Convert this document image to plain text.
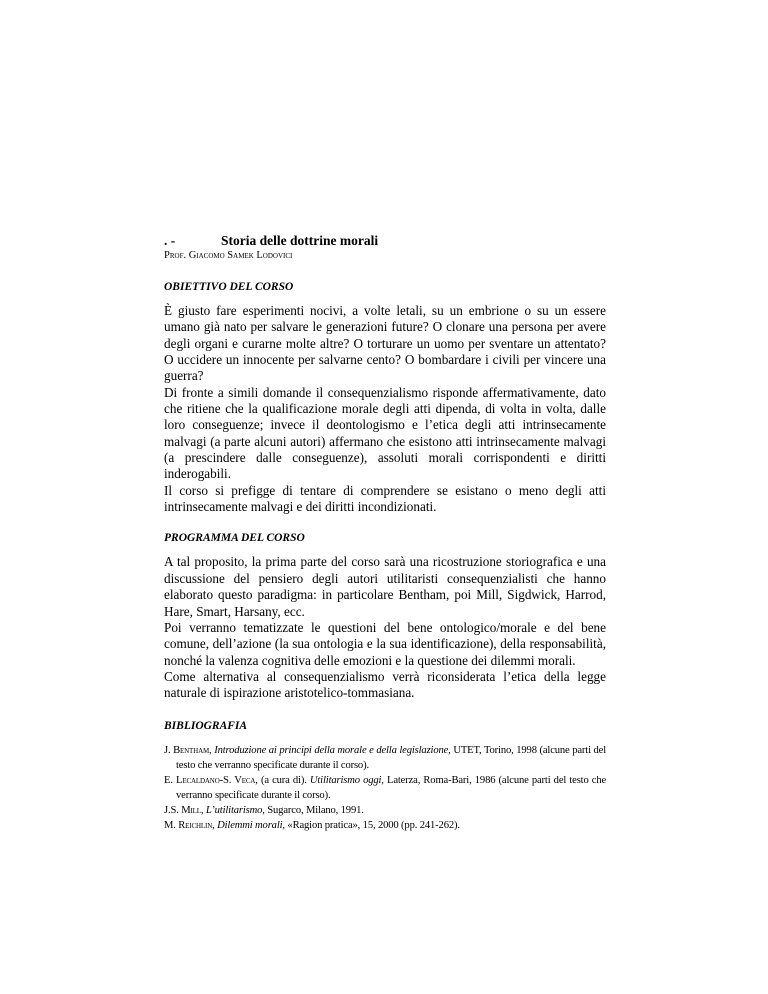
. -	Storia delle dottrine morali
Prof. Giacomo Samek Lodovici
OBIETTIVO DEL CORSO

È giusto fare esperimenti nocivi, a volte letali, su un embrione o su un essere umano già nato per salvare le generazioni future? O clonare una persona per avere degli organi e curarne molte altre? O torturare un uomo per sventare un attentato? O uccidere un innocente per salvarne cento? O bombardare i civili per vincere una guerra?

Di fronte a simili domande il consequenzialismo risponde affermativamente, dato che ritiene che la qualificazione morale degli atti dipenda, di volta in volta, dalle loro conseguenze; invece il deontologismo e l’etica degli atti intrinsecamente malvagi (a parte alcuni autori) affermano che esistono atti intrinsecamente malvagi (a prescindere dalle conseguenze), assoluti morali corrispondenti e diritti inderogabili.

Il corso si prefigge di tentare di comprendere se esistano o meno degli atti intrinsecamente malvagi e dei diritti incondizionati.

PROGRAMMA DEL CORSO

A tal proposito, la prima parte del corso sarà una ricostruzione storiografica e una discussione del pensiero degli autori utilitaristi consequenzialisti che hanno elaborato questo paradigma: in particolare Bentham, poi Mill, Sigdwick, Harrod, Hare, Smart, Harsany, ecc.

Poi verranno tematizzate le questioni del bene ontologico/morale e del bene comune, dell’azione (la sua ontologia e la sua identificazione), della responsabilità, nonché la valenza cognitiva delle emozioni e la questione dei dilemmi morali.

Come alternativa al consequenzialismo verrà riconsiderata l’etica della legge naturale di ispirazione aristotelico-tommasiana.

BIBLIOGRAFIA
J. Bentham, Introduzione ai principi della morale e della legislazione, UTET, Torino, 1998 (alcune parti del testo che verranno specificate durante il corso).
E. Lecaldano-S. Veca, (a cura di). Utilitarismo oggi, Laterza, Roma-Bari, 1986 (alcune parti del testo che verranno specificate durante il corso).
J.S. Mill, L’utilitarismo, Sugarco, Milano, 1991.
M. Reichlin, Dilemmi morali, «Ragion pratica», 15, 2000 (pp. 241-262).
